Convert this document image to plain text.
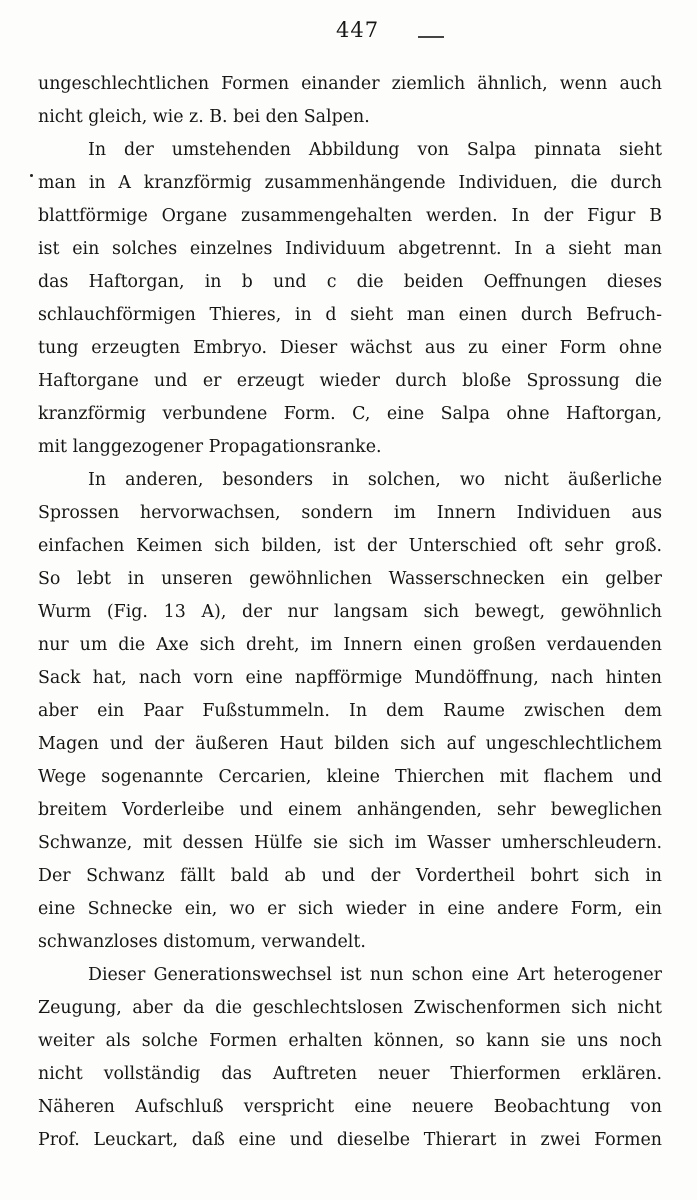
447
ungeschlechtlichen Formen einander ziemlich ähnlich, wenn auch
nicht gleich, wie z. B. bei den Salpen.
In der umstehenden Abbildung von Salpa pinnata sieht
man in A kranzförmig zusammenhängende Individuen, die durch
blattförmige Organe zusammengehalten werden. In der Figur B
ist ein solches einzelnes Individuum abgetrennt. In a sieht man
das Haftorgan, in b und c die beiden Oeffnungen dieses
schlauchförmigen Thieres, in d sieht man einen durch Befruch-
tung erzeugten Embryo. Dieser wächst aus zu einer Form ohne
Haftorgane und er erzeugt wieder durch bloße Sprossung die
kranzförmig verbundene Form. C, eine Salpa ohne Haftorgan,
mit langgezogener Propagationsranke.
In anderen, besonders in solchen, wo nicht äußerliche
Sprossen hervorwachsen, sondern im Innern Individuen aus
einfachen Keimen sich bilden, ist der Unterschied oft sehr groß.
So lebt in unseren gewöhnlichen Wasserschnecken ein gelber
Wurm (Fig. 13 A), der nur langsam sich bewegt, gewöhnlich
nur um die Axe sich dreht, im Innern einen großen verdauenden
Sack hat, nach vorn eine napfförmige Mundöffnung, nach hinten
aber ein Paar Fußstummeln. In dem Raume zwischen dem
Magen und der äußeren Haut bilden sich auf ungeschlechtlichem
Wege sogenannte Cercarien, kleine Thierchen mit flachem und
breitem Vorderleibe und einem anhängenden, sehr beweglichen
Schwanze, mit dessen Hülfe sie sich im Wasser umherschleudern.
Der Schwanz fällt bald ab und der Vordertheil bohrt sich in
eine Schnecke ein, wo er sich wieder in eine andere Form, ein
schwanzloses distomum, verwandelt.
Dieser Generationswechsel ist nun schon eine Art heterogener
Zeugung, aber da die geschlechtslosen Zwischenformen sich nicht
weiter als solche Formen erhalten können, so kann sie uns noch
nicht vollständig das Auftreten neuer Thierformen erklären.
Näheren Aufschluß verspricht eine neuere Beobachtung von
Prof. Leuckart, daß eine und dieselbe Thierart in zwei Formen
